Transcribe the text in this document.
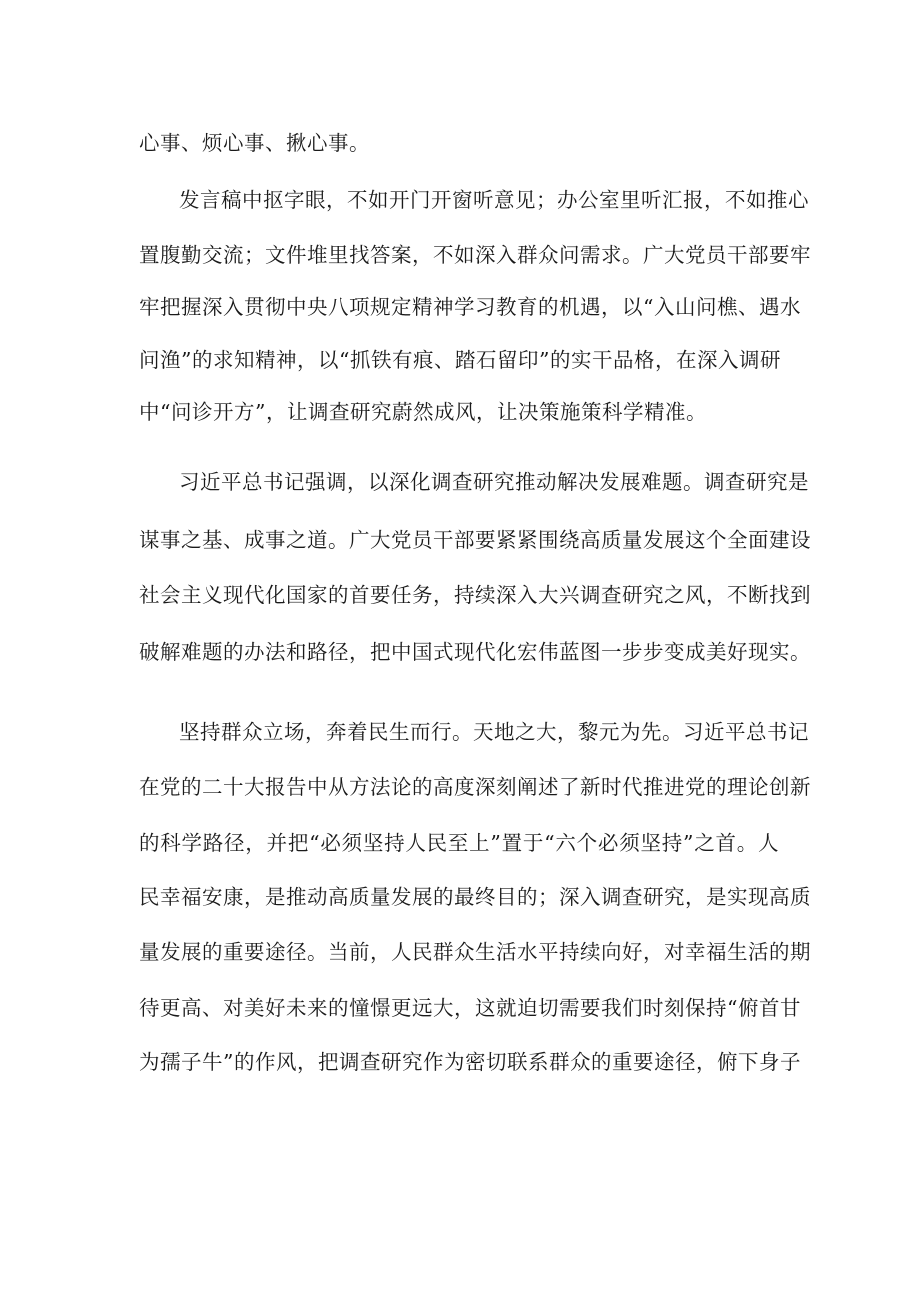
心事、烦心事、揪心事。

发言稿中抠字眼，不如开门开窗听意见；办公室里听汇报，不如推心

置腹勤交流；文件堆里找答案，不如深入群众问需求。广大党员干部要牢

牢把握深入贯彻中央八项规定精神学习教育的机遇，以“入山问樵、遇水

问渔”的求知精神，以“抓铁有痕、踏石留印”的实干品格，在深入调研

中“问诊开方”，让调查研究蔚然成风，让决策施策科学精准。

习近平总书记强调，以深化调查研究推动解决发展难题。调查研究是

谋事之基、成事之道。广大党员干部要紧紧围绕高质量发展这个全面建设

社会主义现代化国家的首要任务，持续深入大兴调查研究之风，不断找到

破解难题的办法和路径，把中国式现代化宏伟蓝图一步步变成美好现实。

坚持群众立场，奔着民生而行。天地之大，黎元为先。习近平总书记

在党的二十大报告中从方法论的高度深刻阐述了新时代推进党的理论创新

的科学路径，并把“必须坚持人民至上”置于“六个必须坚持”之首。人

民幸福安康，是推动高质量发展的最终目的；深入调查研究，是实现高质

量发展的重要途径。当前，人民群众生活水平持续向好，对幸福生活的期

待更高、对美好未来的憧憬更远大，这就迫切需要我们时刻保持“俯首甘

为孺子牛”的作风，把调查研究作为密切联系群众的重要途径，俯下身子
